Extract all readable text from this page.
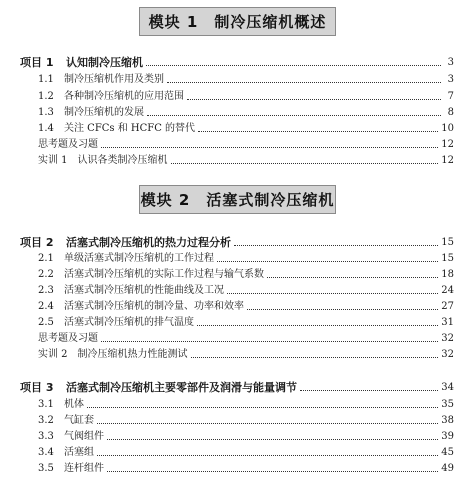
模块 1　制冷压缩机概述
模块 2　活塞式制冷压缩机
项目 1	认知制冷压缩机	3
1.1	制冷压缩机作用及类别	3
1.2	各种制冷压缩机的应用范围	7
1.3	制冷压缩机的发展	8
1.4	关注 CFCs 和 HCFC 的替代	10
思考题及习题	12
实训 1　认识各类制冷压缩机	12
项目 2	活塞式制冷压缩机的热力过程分析	15
2.1	单级活塞式制冷压缩机的工作过程	15
2.2	活塞式制冷压缩机的实际工作过程与输气系数	18
2.3	活塞式制冷压缩机的性能曲线及工况	24
2.4	活塞式制冷压缩机的制冷量、功率和效率	27
2.5	活塞式制冷压缩机的排气温度	31
思考题及习题	32
实训 2　制冷压缩机热力性能测试	32
项目 3	活塞式制冷压缩机主要零部件及润滑与能量调节	34
3.1	机体	35
3.2	气缸套	38
3.3	气阀组件	39
3.4	活塞组	45
3.5	连杆组件	49
